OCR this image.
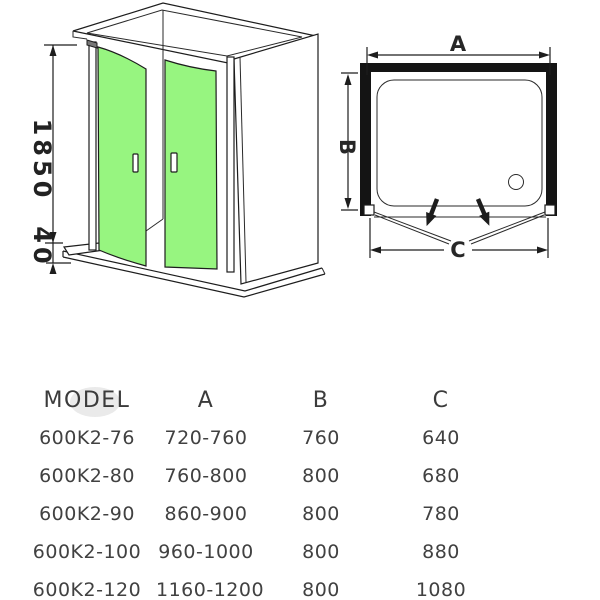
1850
40
A
B
C
MODEL	A	B	C
600K2-76	720-760	760	640
600K2-80	760-800	800	680
600K2-90	860-900	800	780
600K2-100	960-1000	800	880
600K2-120	1160-1200	800	1080
